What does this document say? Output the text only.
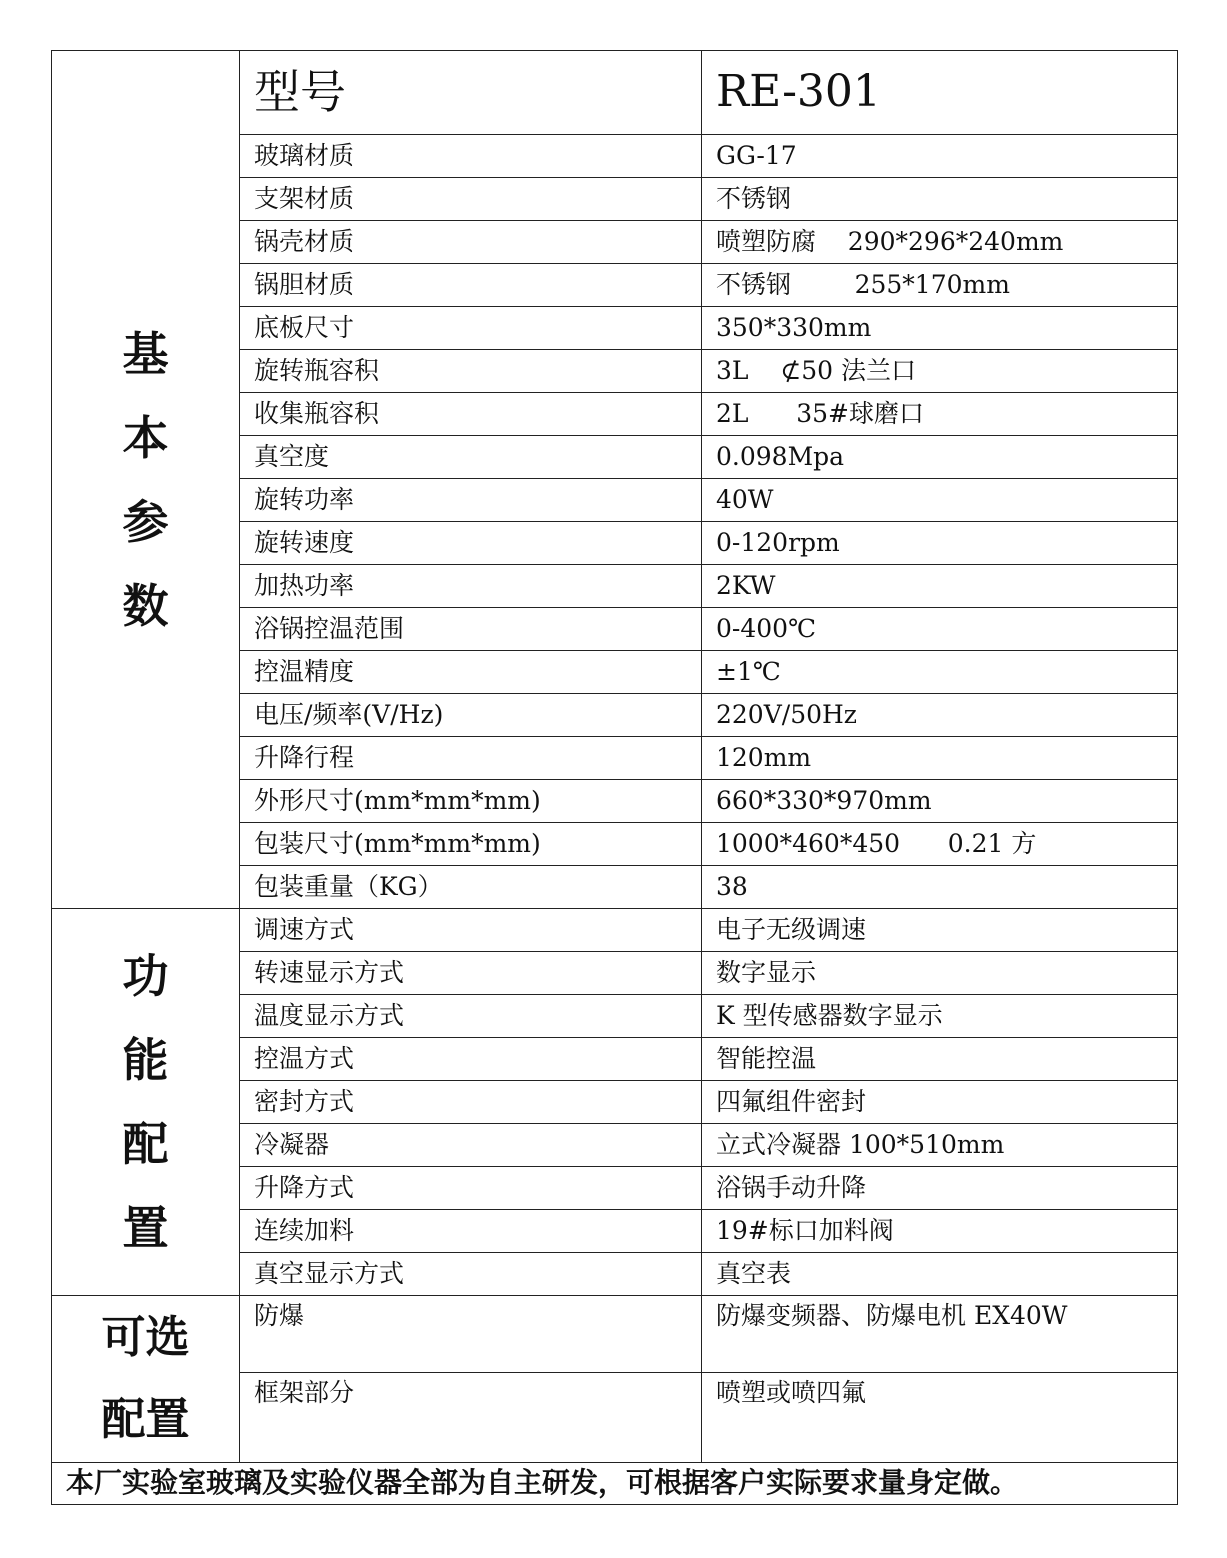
基
本
参
数	型号	RE-301
	玻璃材质	GG-17
	支架材质	不锈钢
	锅壳材质	喷塑防腐    290*296*240mm
	锅胆材质	不锈钢        255*170mm
	底板尺寸	350*330mm
	旋转瓶容积	3L    ⊄50 法兰口
	收集瓶容积	2L      35#球磨口
	真空度	0.098Mpa
	旋转功率	40W
	旋转速度	0-120rpm
	加热功率	2KW
	浴锅控温范围	0-400℃
	控温精度	±1℃
	电压/频率(V/Hz)	220V/50Hz
	升降行程	120mm
	外形尺寸(mm*mm*mm)	660*330*970mm
	包装尺寸(mm*mm*mm)	1000*460*450      0.21 方
	包装重量（KG）	38

功
能
配
置	调速方式	电子无级调速
	转速显示方式	数字显示
	温度显示方式	K 型传感器数字显示
	控温方式	智能控温
	密封方式	四氟组件密封
	冷凝器	立式冷凝器 100*510mm
	升降方式	浴锅手动升降
	连续加料	19#标口加料阀
	真空显示方式	真空表

可选
配置	防爆	防爆变频器、防爆电机 EX40W
	框架部分	喷塑或喷四氟
本厂实验室玻璃及实验仪器全部为自主研发，可根据客户实际要求量身定做。		
